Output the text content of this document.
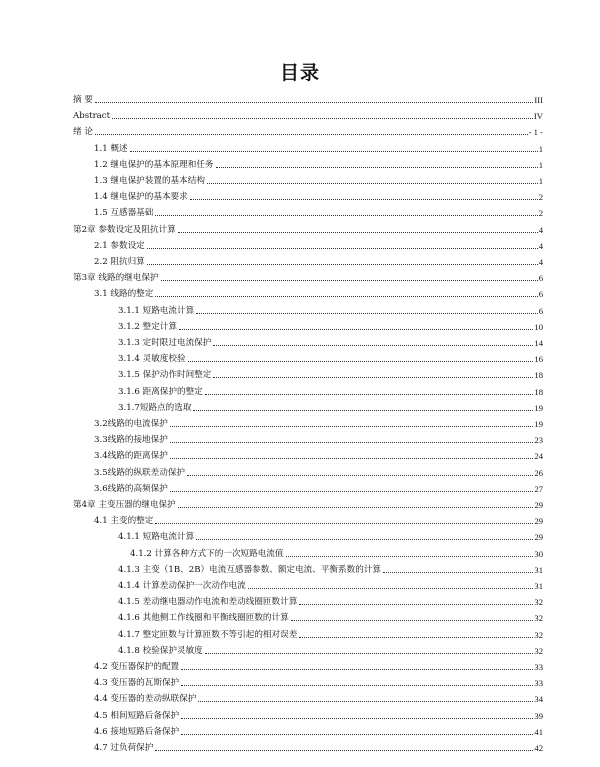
目录
摘 要	III
Abstract	IV
绪 论	- 1 -
1.1 概述	1
1.2 继电保护的基本原理和任务	1
1.3 继电保护装置的基本结构	1
1.4 继电保护的基本要求	2
1.5 互感器基础	2
第2章 参数设定及阻抗计算	4
2.1 参数设定	4
2.2 阻抗归算	4
第3章 线路的继电保护	6
3.1 线路的整定	6
3.1.1 短路电流计算	6
3.1.2 整定计算	10
3.1.3 定时限过电流保护	14
3.1.4 灵敏度校验	16
3.1.5 保护动作时间整定	18
3.1.6 距离保护的整定	18
3.1.7短路点的选取	19
3.2线路的电流保护	19
3.3线路的接地保护	23
3.4线路的距离保护	24
3.5线路的纵联差动保护	26
3.6线路的高频保护	27
第4章 主变压器的继电保护	29
4.1 主变的整定	29
4.1.1 短路电流计算	29
4.1.2 计算各种方式下的一次短路电流值	30
4.1.3 主变（1B、2B）电流互感器参数、额定电流、平衡系数的计算	31
4.1.4 计算差动保护一次动作电流	31
4.1.5 差动继电器动作电流和差动线圈匝数计算	32
4.1.6 其他侧工作线圈和平衡线圈匝数的计算	32
4.1.7 整定匝数与计算匝数不等引起的相对误差	32
4.1.8 校验保护灵敏度	32
4.2 变压器保护的配置	33
4.3 变压器的瓦斯保护	33
4.4 变压器的差动纵联保护	34
4.5 相间短路后备保护	39
4.6 接地短路后备保护	41
4.7 过负荷保护	42
